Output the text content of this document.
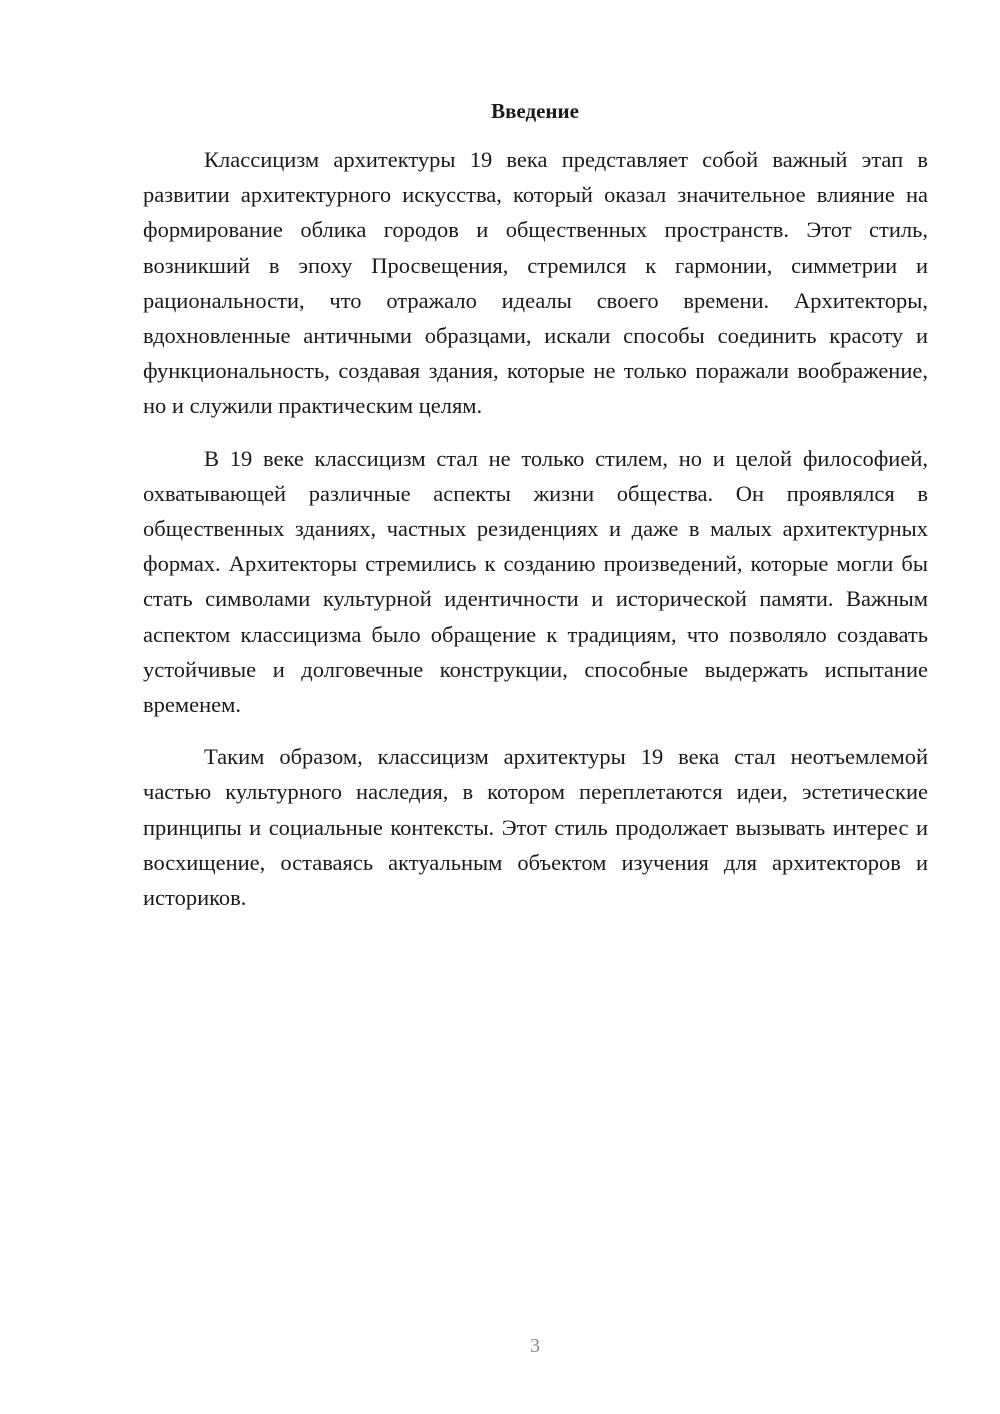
Введение

Классицизм архитектуры 19 века представляет собой важный этап в развитии архитектурного искусства, который оказал значительное влияние на формирование облика городов и общественных пространств. Этот стиль, возникший в эпоху Просвещения, стремился к гармонии, симметрии и рациональности, что отражало идеалы своего времени. Архитекторы, вдохновленные античными образцами, искали способы соединить красоту и функциональность, создавая здания, которые не только поражали воображение, но и служили практическим целям.

В 19 веке классицизм стал не только стилем, но и целой философией, охватывающей различные аспекты жизни общества. Он проявлялся в общественных зданиях, частных резиденциях и даже в малых архитектурных формах. Архитекторы стремились к созданию произведений, которые могли бы стать символами культурной идентичности и исторической памяти. Важным аспектом классицизма было обращение к традициям, что позволяло создавать устойчивые и долговечные конструкции, способные выдержать испытание временем.

Таким образом, классицизм архитектуры 19 века стал неотъемлемой частью культурного наследия, в котором переплетаются идеи, эстетические принципы и социальные контексты. Этот стиль продолжает вызывать интерес и восхищение, оставаясь актуальным объектом изучения для архитекторов и историков.

3
